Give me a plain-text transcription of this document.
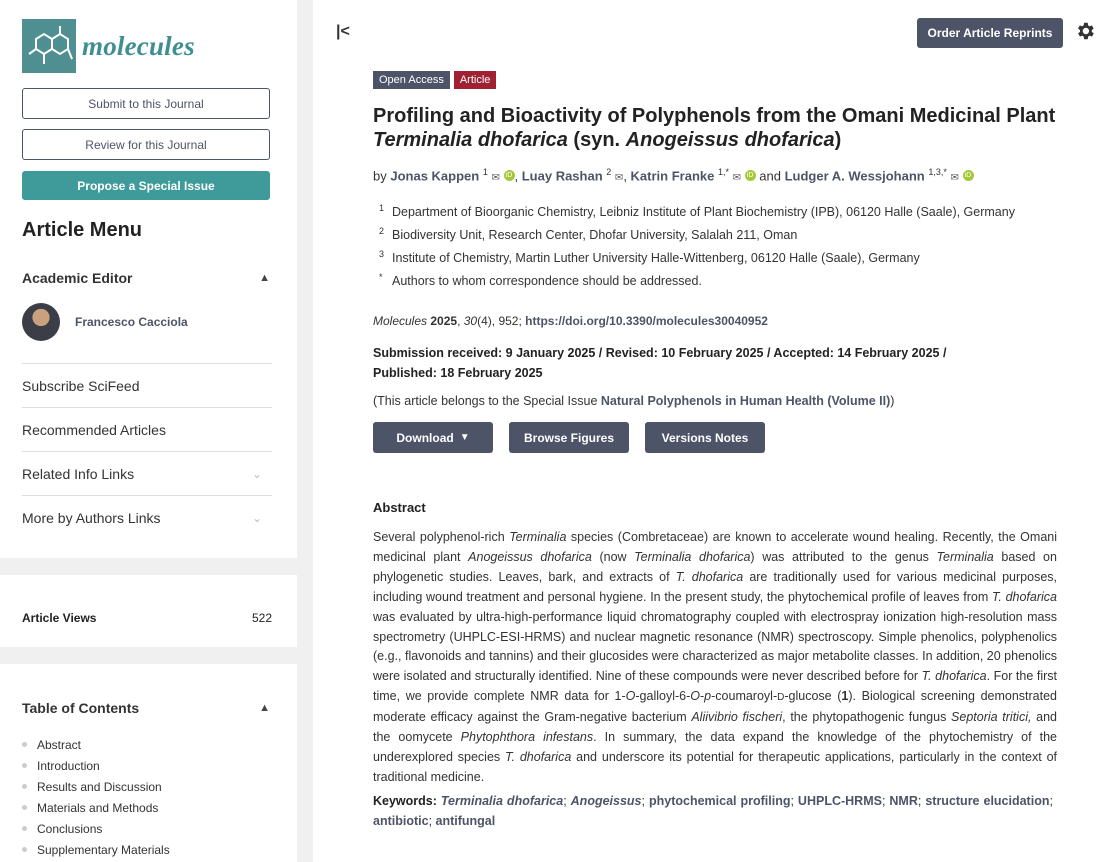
molecules
Submit to this Journal
Review for this Journal
Propose a Special Issue
Article Menu
Academic Editor	▲
Francesco Cacciola
Subscribe SciFeed
Recommended Articles
Related Info Links	⌄
More by Authors Links	⌄
Article Views	522
Table of Contents	▲
Abstract
Introduction
Results and Discussion
Materials and Methods
Conclusions
Supplementary Materials
|<	Order Article Reprints
Open Access	Article
Profiling and Bioactivity of Polyphenols from the Omani Medicinal Plant
Terminalia dhofarica (syn. Anogeissus dhofarica)
by Jonas Kappen $^1$ ✉ iD , Luay Rashan $^2$ ✉, Katrin Franke $^{1,*}$ ✉ iD and Ludger A. Wessjohann $^{1,3,*}$ ✉ iD
1 Department of Bioorganic Chemistry, Leibniz Institute of Plant Biochemistry (IPB), 06120 Halle (Saale), Germany
2 Biodiversity Unit, Research Center, Dhofar University, Salalah 211, Oman
3 Institute of Chemistry, Martin Luther University Halle-Wittenberg, 06120 Halle (Saale), Germany
* Authors to whom correspondence should be addressed.
Molecules 2025, 30(4), 952; https://doi.org/10.3390/molecules30040952
Submission received: 9 January 2025 / Revised: 10 February 2025 / Accepted: 14 February 2025 / Published: 18 February 2025
(This article belongs to the Special Issue Natural Polyphenols in Human Health (Volume II))
Download ▼	Browse Figures	Versions Notes
Abstract
Several polyphenol-rich Terminalia species (Combretaceae) are known to accelerate wound healing. Recently, the Omani medicinal plant Anogeissus dhofarica (now Terminalia dhofarica) was attributed to the genus Terminalia based on phylogenetic studies. Leaves, bark, and extracts of T. dhofarica are traditionally used for various medicinal purposes, including wound treatment and personal hygiene. In the present study, the phytochemical profile of leaves from T. dhofarica was evaluated by ultra-high-performance liquid chromatography coupled with electrospray ionization high-resolution mass spectrometry (UHPLC-ESI-HRMS) and nuclear magnetic resonance (NMR) spectroscopy. Simple phenolics, polyphenolics (e.g., flavonoids and tannins) and their glucosides were characterized as major metabolite classes. In addition, 20 phenolics were isolated and structurally identified. Nine of these compounds were never described before for T. dhofarica. For the first time, we provide complete NMR data for 1-O-galloyl-6-O-p-coumaroyl-D-glucose (1). Biological screening demonstrated moderate efficacy against the Gram-negative bacterium Aliivibrio fischeri, the phytopathogenic fungus Septoria tritici, and the oomycete Phytophthora infestans. In summary, the data expand the knowledge of the phytochemistry of the underexplored species T. dhofarica and underscore its potential for therapeutic applications, particularly in the context of traditional medicine.
Keywords: Terminalia dhofarica; Anogeissus; phytochemical profiling; UHPLC-HRMS; NMR; structure elucidation; antibiotic; antifungal
